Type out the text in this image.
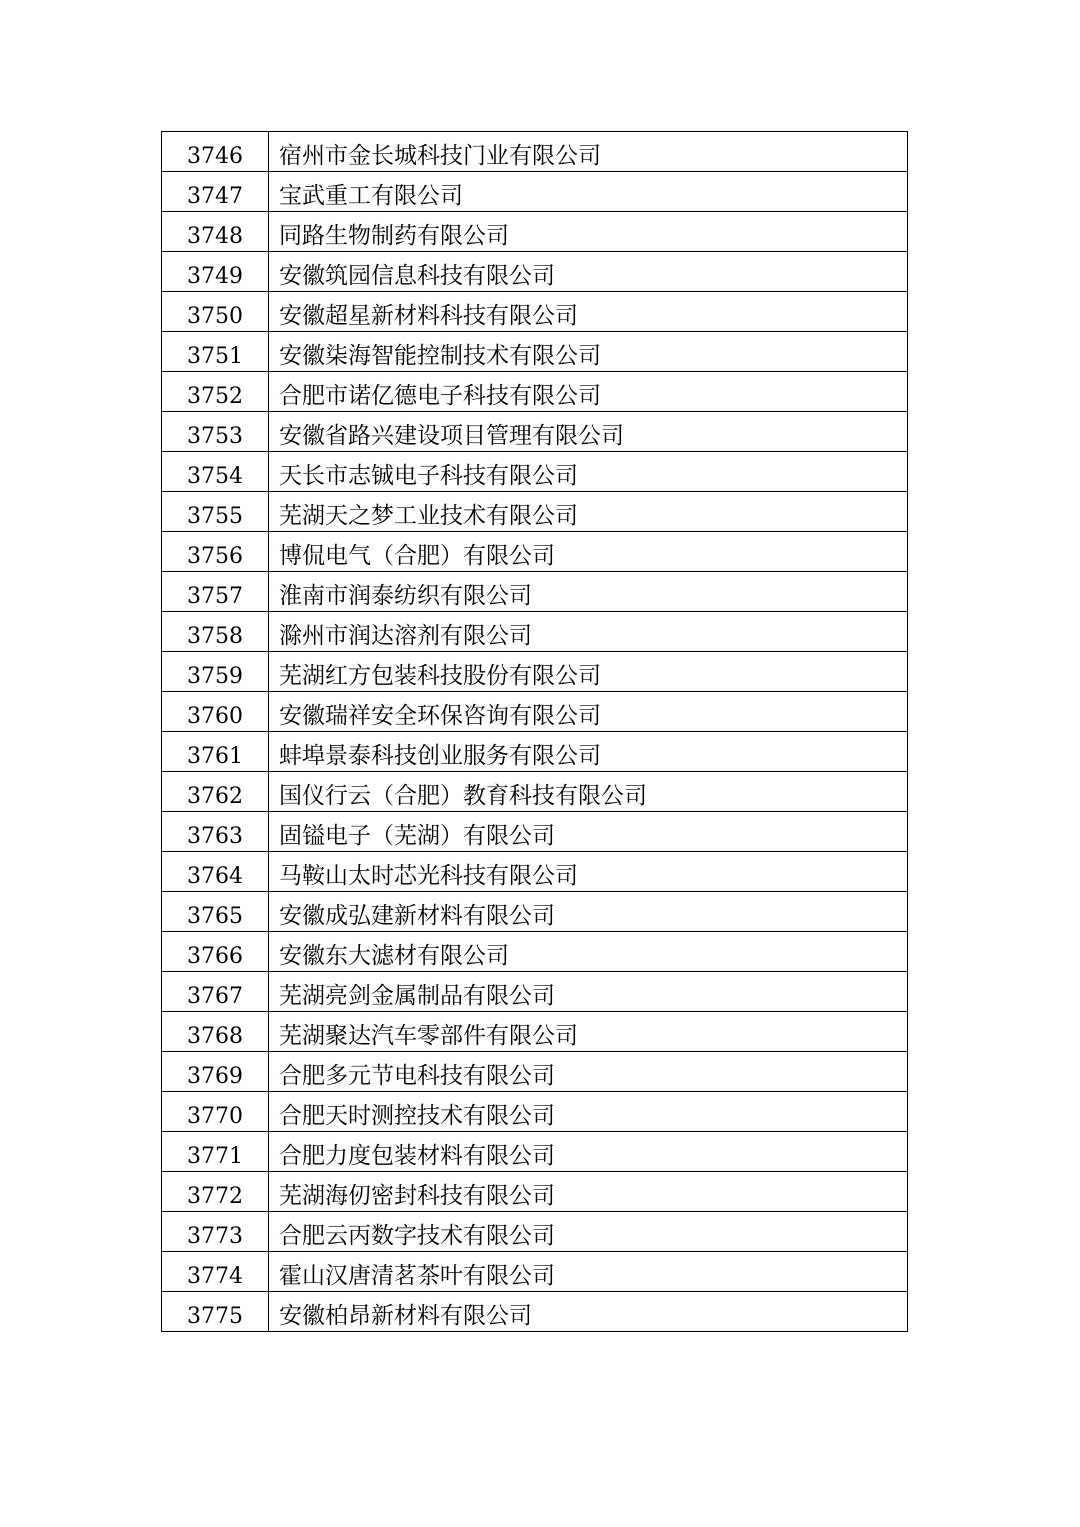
3746	宿州市金长城科技门业有限公司
3747	宝武重工有限公司
3748	同路生物制药有限公司
3749	安徽筑园信息科技有限公司
3750	安徽超星新材料科技有限公司
3751	安徽柒海智能控制技术有限公司
3752	合肥市诺亿德电子科技有限公司
3753	安徽省路兴建设项目管理有限公司
3754	天长市志铖电子科技有限公司
3755	芜湖天之梦工业技术有限公司
3756	博侃电气（合肥）有限公司
3757	淮南市润泰纺织有限公司
3758	滁州市润达溶剂有限公司
3759	芜湖红方包装科技股份有限公司
3760	安徽瑞祥安全环保咨询有限公司
3761	蚌埠景泰科技创业服务有限公司
3762	国仪行云（合肥）教育科技有限公司
3763	固镒电子（芜湖）有限公司
3764	马鞍山太时芯光科技有限公司
3765	安徽成弘建新材料有限公司
3766	安徽东大滤材有限公司
3767	芜湖亮剑金属制品有限公司
3768	芜湖聚达汽车零部件有限公司
3769	合肥多元节电科技有限公司
3770	合肥天时测控技术有限公司
3771	合肥力度包装材料有限公司
3772	芜湖海仞密封科技有限公司
3773	合肥云丙数字技术有限公司
3774	霍山汉唐清茗茶叶有限公司
3775	安徽柏昂新材料有限公司
